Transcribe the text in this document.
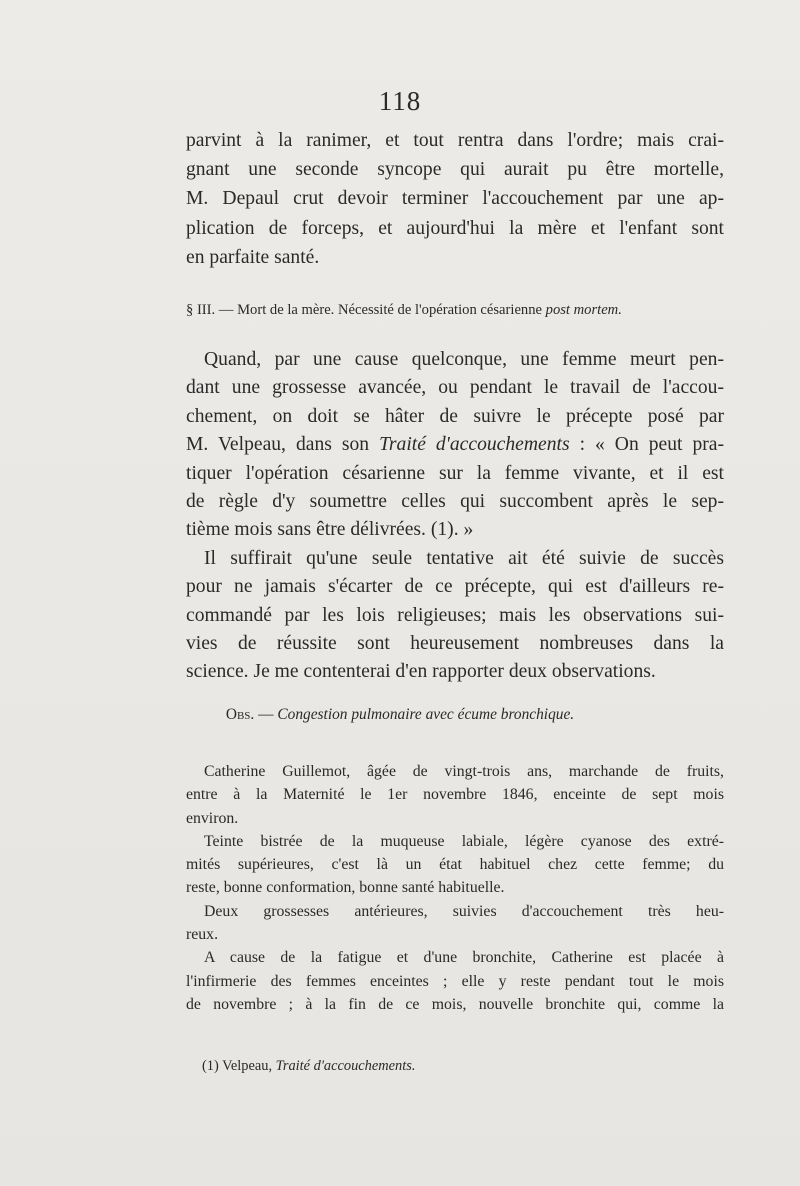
118
parvint à la ranimer, et tout rentra dans l'ordre; mais crai-
gnant une seconde syncope qui aurait pu être mortelle,
M. Depaul crut devoir terminer l'accouchement par une ap-
plication de forceps, et aujourd'hui la mère et l'enfant sont
en parfaite santé.
§ III. — Mort de la mère. Nécessité de l'opération césarienne post mortem.
Quand, par une cause quelconque, une femme meurt pen-
dant une grossesse avancée, ou pendant le travail de l'accou-
chement, on doit se hâter de suivre le précepte posé par
M. Velpeau, dans son Traité d'accouchements : « On peut pra-
tiquer l'opération césarienne sur la femme vivante, et il est
de règle d'y soumettre celles qui succombent après le sep-
tième mois sans être délivrées. (1). »
Il suffirait qu'une seule tentative ait été suivie de succès
pour ne jamais s'écarter de ce précepte, qui est d'ailleurs re-
commandé par les lois religieuses; mais les observations sui-
vies de réussite sont heureusement nombreuses dans la
science. Je me contenterai d'en rapporter deux observations.
Obs. — Congestion pulmonaire avec écume bronchique.
Catherine Guillemot, âgée de vingt-trois ans, marchande de fruits,
entre à la Maternité le 1er novembre 1846, enceinte de sept mois
environ.
Teinte bistrée de la muqueuse labiale, légère cyanose des extré-
mités supérieures, c'est là un état habituel chez cette femme; du
reste, bonne conformation, bonne santé habituelle.
Deux grossesses antérieures, suivies d'accouchement très heu-
reux.
A cause de la fatigue et d'une bronchite, Catherine est placée à
l'infirmerie des femmes enceintes ; elle y reste pendant tout le mois
de novembre ; à la fin de ce mois, nouvelle bronchite qui, comme la
(1) Velpeau, Traité d'accouchements.
